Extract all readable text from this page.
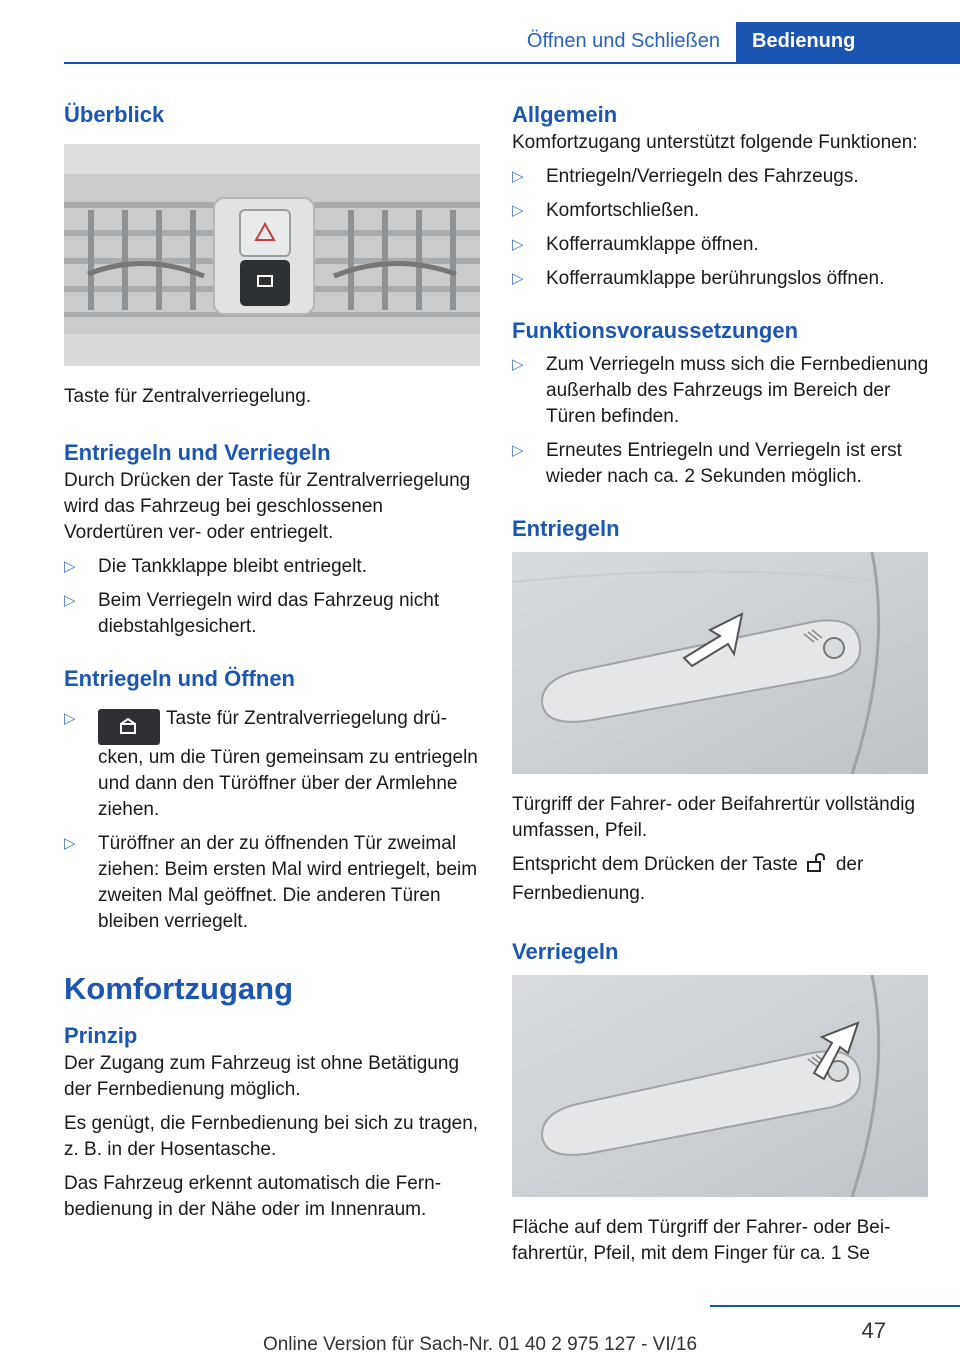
Öffnen und Schließen	Bedienung
Überblick

Taste für Zentralverriegelung.

Entriegeln und Verriegeln

Durch Drücken der Taste für Zentralverriegelung wird das Fahrzeug bei geschlossenen Vordertüren ver- oder entriegelt.

▷ Die Tankklappe bleibt entriegelt.
▷ Beim Verriegeln wird das Fahrzeug nicht diebstahlgesichert.
Entriegeln und Öffnen
▷	Taste für Zentralverriegelung drücken, um die Türen gemeinsam zu entriegeln und dann den Türöffner über der Armlehne ziehen.
▷ Türöffner an der zu öffnenden Tür zweimal ziehen: Beim ersten Mal wird entriegelt, beim zweiten Mal geöffnet. Die anderen Türen bleiben verriegelt.
Komfortzugang
Prinzip

Der Zugang zum Fahrzeug ist ohne Betätigung der Fernbedienung möglich.

Es genügt, die Fernbedienung bei sich zu tragen, z. B. in der Hosentasche.

Das Fahrzeug erkennt automatisch die Fernbedienung in der Nähe oder im Innenraum.

Allgemein

Komfortzugang unterstützt folgende Funktionen:

▷ Entriegeln/Verriegeln des Fahrzeugs.
▷ Komfortschließen.
▷ Kofferraumklappe öffnen.
▷ Kofferraumklappe berührungslos öffnen.
Funktionsvoraussetzungen
▷ Zum Verriegeln muss sich die Fernbedienung außerhalb des Fahrzeugs im Bereich der Türen befinden.
▷ Erneutes Entriegeln und Verriegeln ist erst wieder nach ca. 2 Sekunden möglich.
Entriegeln

Türgriff der Fahrer- oder Beifahrertür vollständig umfassen, Pfeil.

Entspricht dem Drücken der Taste der Fernbedienung.

Verriegeln

Fläche auf dem Türgriff der Fahrer- oder Beifahrertür, Pfeil, mit dem Finger für ca. 1 Se

47
Online Version für Sach-Nr. 01 40 2 975 127 - VI/16
